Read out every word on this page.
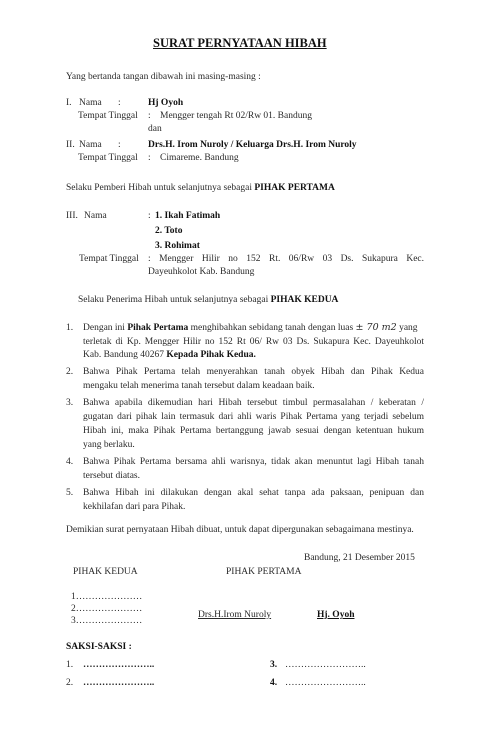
SURAT PERNYATAAN HIBAH
Yang bertanda tangan dibawah ini masing-masing :
I. Nama :	Hj Oyoh
Tempat Tinggal : Mengger tengah Rt 02/Rw 01. Bandung
dan
II. Nama :	Drs.H. Irom Nuroly / Keluarga Drs.H. Irom Nuroly
Tempat Tinggal : Cimareme. Bandung
Selaku Pemberi Hibah untuk selanjutnya sebagai PIHAK PERTAMA
III. Nama	: 1. Ikah Fatimah
2. Toto
3. Rohimat
Tempat Tinggal : Mengger Hilir no 152 Rt. 06/Rw 03 Ds. Sukapura Kec.
Dayeuhkolot Kab. Bandung
Selaku Penerima Hibah untuk selanjutnya sebagai PIHAK KEDUA
1. Dengan ini Pihak Pertama menghibahkan sebidang tanah dengan luas ± 70 m2 yang
terletak di Kp. Mengger Hilir no 152 Rt 06/ Rw 03 Ds. Sukapura Kec. Dayeuhkolot
Kab. Bandung 40267 Kepada Pihak Kedua.
2. Bahwa Pihak Pertama telah menyerahkan tanah obyek Hibah dan Pihak Kedua
mengaku telah menerima tanah tersebut dalam keadaan baik.
3. Bahwa apabila dikemudian hari Hibah tersebut timbul permasalahan / keberatan /
gugatan dari pihak lain termasuk dari ahli waris Pihak Pertama yang terjadi sebelum
Hibah ini, maka Pihak Pertama bertanggung jawab sesuai dengan ketentuan hukum
yang berlaku.
4. Bahwa Pihak Pertama bersama ahli warisnya, tidak akan menuntut lagi Hibah tanah
tersebut diatas.
5. Bahwa Hibah ini dilakukan dengan akal sehat tanpa ada paksaan, penipuan dan
kekhilafan dari para Pihak.
Demikian surat pernyataan Hibah dibuat, untuk dapat dipergunakan sebagaimana mestinya.
Bandung, 21 Desember 2015
PIHAK KEDUA	PIHAK PERTAMA
1…………………
2…………………
3…………………
Drs.H.Irom Nuroly	Hj. Oyoh
SAKSI-SAKSI :
1. …………………..
2. …………………..
3. ……………………..
4. ……………………..
